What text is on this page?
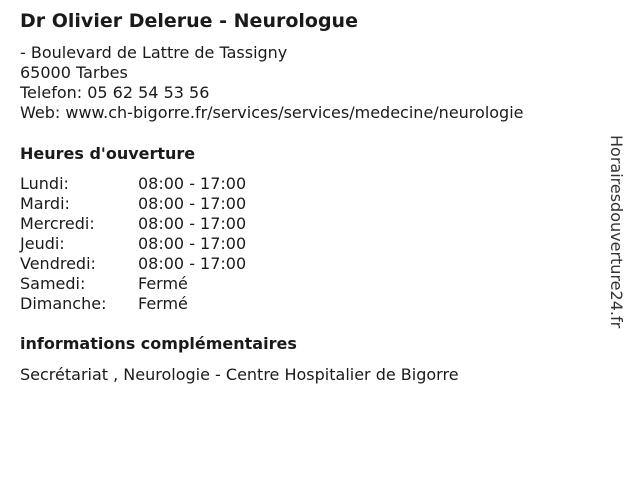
Dr Olivier Delerue - Neurologue
- Boulevard de Lattre de Tassigny
65000 Tarbes
Telefon: 05 62 54 53 56
Web: www.ch-bigorre.fr/services/services/medecine/neurologie
Heures d'ouverture
Lundi:	08:00 - 17:00
Mardi:	08:00 - 17:00
Mercredi:	08:00 - 17:00
Jeudi:	08:00 - 17:00
Vendredi:	08:00 - 17:00
Samedi:	Fermé
Dimanche:	Fermé
informations complémentaires
Secrétariat , Neurologie - Centre Hospitalier de Bigorre
Horairesdouverture24.fr
